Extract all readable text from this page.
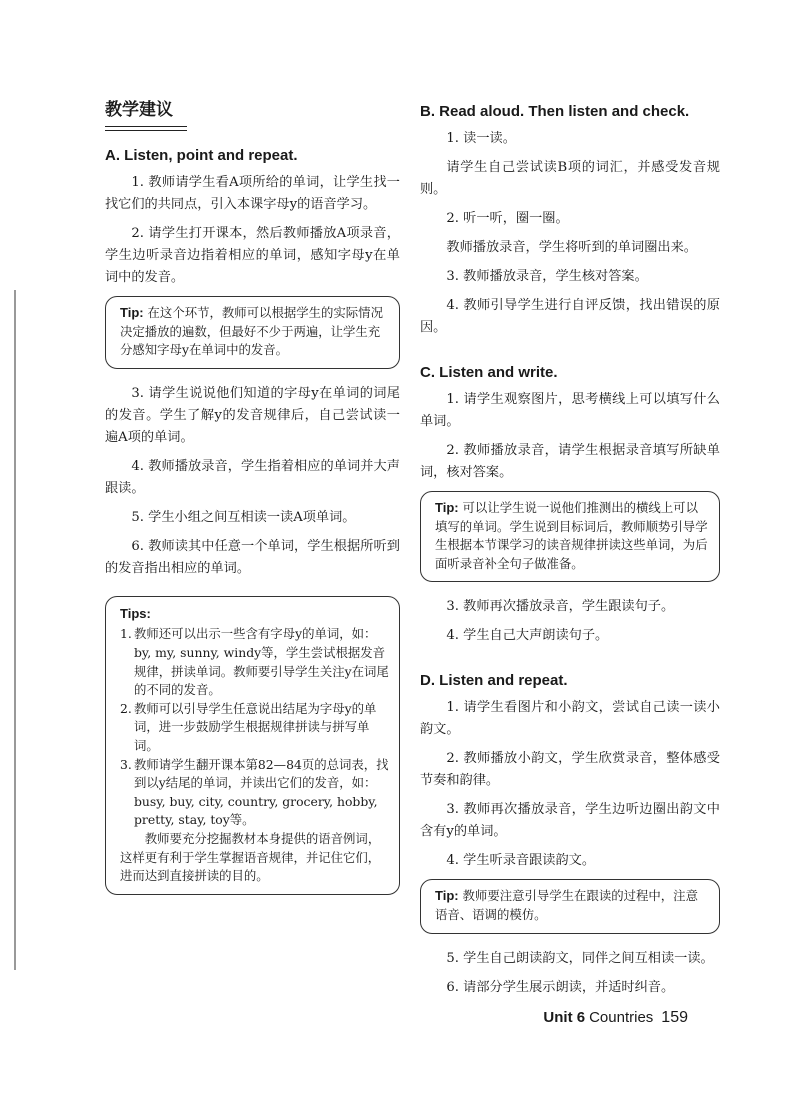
教学建议
A. Listen, point and repeat.

1. 教师请学生看A项所给的单词，让学生找一找它们的共同点，引入本课字母y的语音学习。

2. 请学生打开课本，然后教师播放A项录音，学生边听录音边指着相应的单词，感知字母y在单词中的发音。

Tip: 在这个环节，教师可以根据学生的实际情况决定播放的遍数，但最好不少于两遍，让学生充分感知字母y在单词中的发音。

3. 请学生说说他们知道的字母y在单词的词尾的发音。学生了解y的发音规律后，自己尝试读一遍A项的单词。

4. 教师播放录音，学生指着相应的单词并大声跟读。

5. 学生小组之间互相读一读A项单词。

6. 教师读其中任意一个单词，学生根据所听到的发音指出相应的单词。

Tips:
1. 教师还可以出示一些含有字母y的单词，如：by, my, sunny, windy等，学生尝试根据发音规律，拼读单词。教师要引导学生关注y在词尾的不同的发音。
2. 教师可以引导学生任意说出结尾为字母y的单词，进一步鼓励学生根据规律拼读与拼写单词。
3. 教师请学生翻开课本第82—84页的总词表，找到以y结尾的单词，并读出它们的发音，如：busy, buy, city, country, grocery, hobby, pretty, stay, toy等。
教师要充分挖掘教材本身提供的语音例词，这样更有利于学生掌握语音规律，并记住它们，进而达到直接拼读的目的。
B. Read aloud. Then listen and check.

1. 读一读。

请学生自己尝试读B项的词汇，并感受发音规则。

2. 听一听，圈一圈。

教师播放录音，学生将听到的单词圈出来。

3. 教师播放录音，学生核对答案。

4. 教师引导学生进行自评反馈，找出错误的原因。

C. Listen and write.

1. 请学生观察图片，思考横线上可以填写什么单词。

2. 教师播放录音，请学生根据录音填写所缺单词，核对答案。

Tip: 可以让学生说一说他们推测出的横线上可以填写的单词。学生说到目标词后，教师顺势引导学生根据本节课学习的读音规律拼读这些单词，为后面听录音补全句子做准备。

3. 教师再次播放录音，学生跟读句子。

4. 学生自己大声朗读句子。

D. Listen and repeat.

1. 请学生看图片和小韵文，尝试自己读一读小韵文。

2. 教师播放小韵文，学生欣赏录音，整体感受节奏和韵律。

3. 教师再次播放录音，学生边听边圈出韵文中含有y的单词。

4. 学生听录音跟读韵文。

Tip: 教师要注意引导学生在跟读的过程中，注意语音、语调的模仿。

5. 学生自己朗读韵文，同伴之间互相读一读。

6. 请部分学生展示朗读，并适时纠音。

Unit 6 Countries 159
